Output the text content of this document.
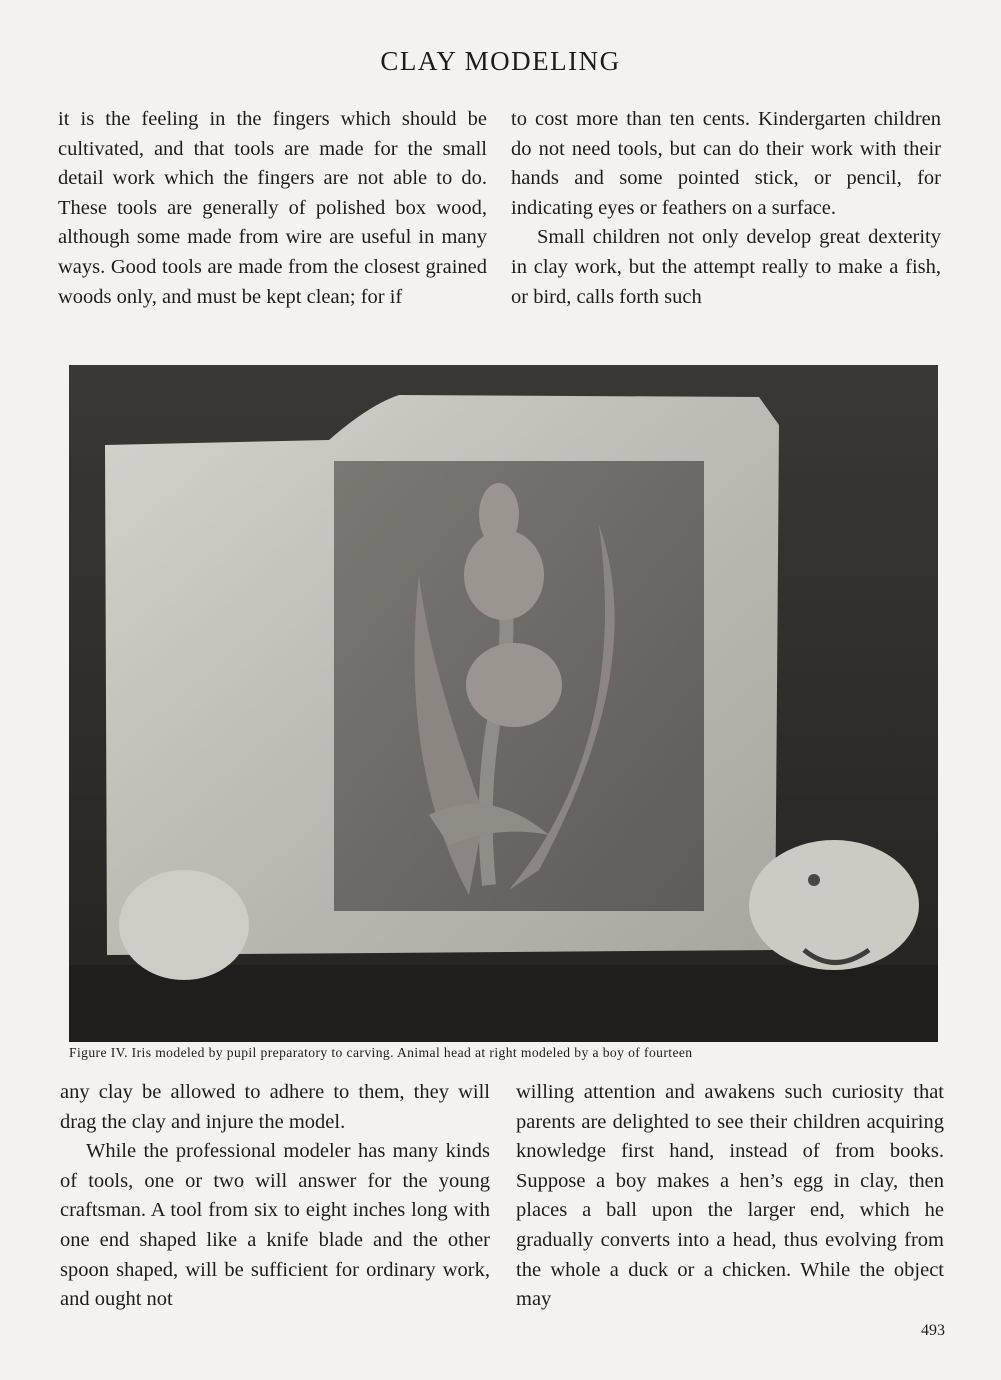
CLAY MODELING

it is the feeling in the fingers which should be cultivated, and that tools are made for the small detail work which the fingers are not able to do. These tools are generally of polished box wood, although some made from wire are useful in many ways. Good tools are made from the closest grained woods only, and must be kept clean; for if

to cost more than ten cents. Kindergarten children do not need tools, but can do their work with their hands and some pointed stick, or pencil, for indicating eyes or feathers on a surface.

Small children not only develop great dexterity in clay work, but the attempt really to make a fish, or bird, calls forth such

Figure IV. Iris modeled by pupil preparatory to carving. Animal head at right modeled by a boy of fourteen

any clay be allowed to adhere to them, they will drag the clay and injure the model.

While the professional modeler has many kinds of tools, one or two will answer for the young craftsman. A tool from six to eight inches long with one end shaped like a knife blade and the other spoon shaped, will be sufficient for ordinary work, and ought not

willing attention and awakens such curiosity that parents are delighted to see their children acquiring knowledge first hand, instead of from books. Suppose a boy makes a hen’s egg in clay, then places a ball upon the larger end, which he gradually converts into a head, thus evolving from the whole a duck or a chicken. While the object may

493
